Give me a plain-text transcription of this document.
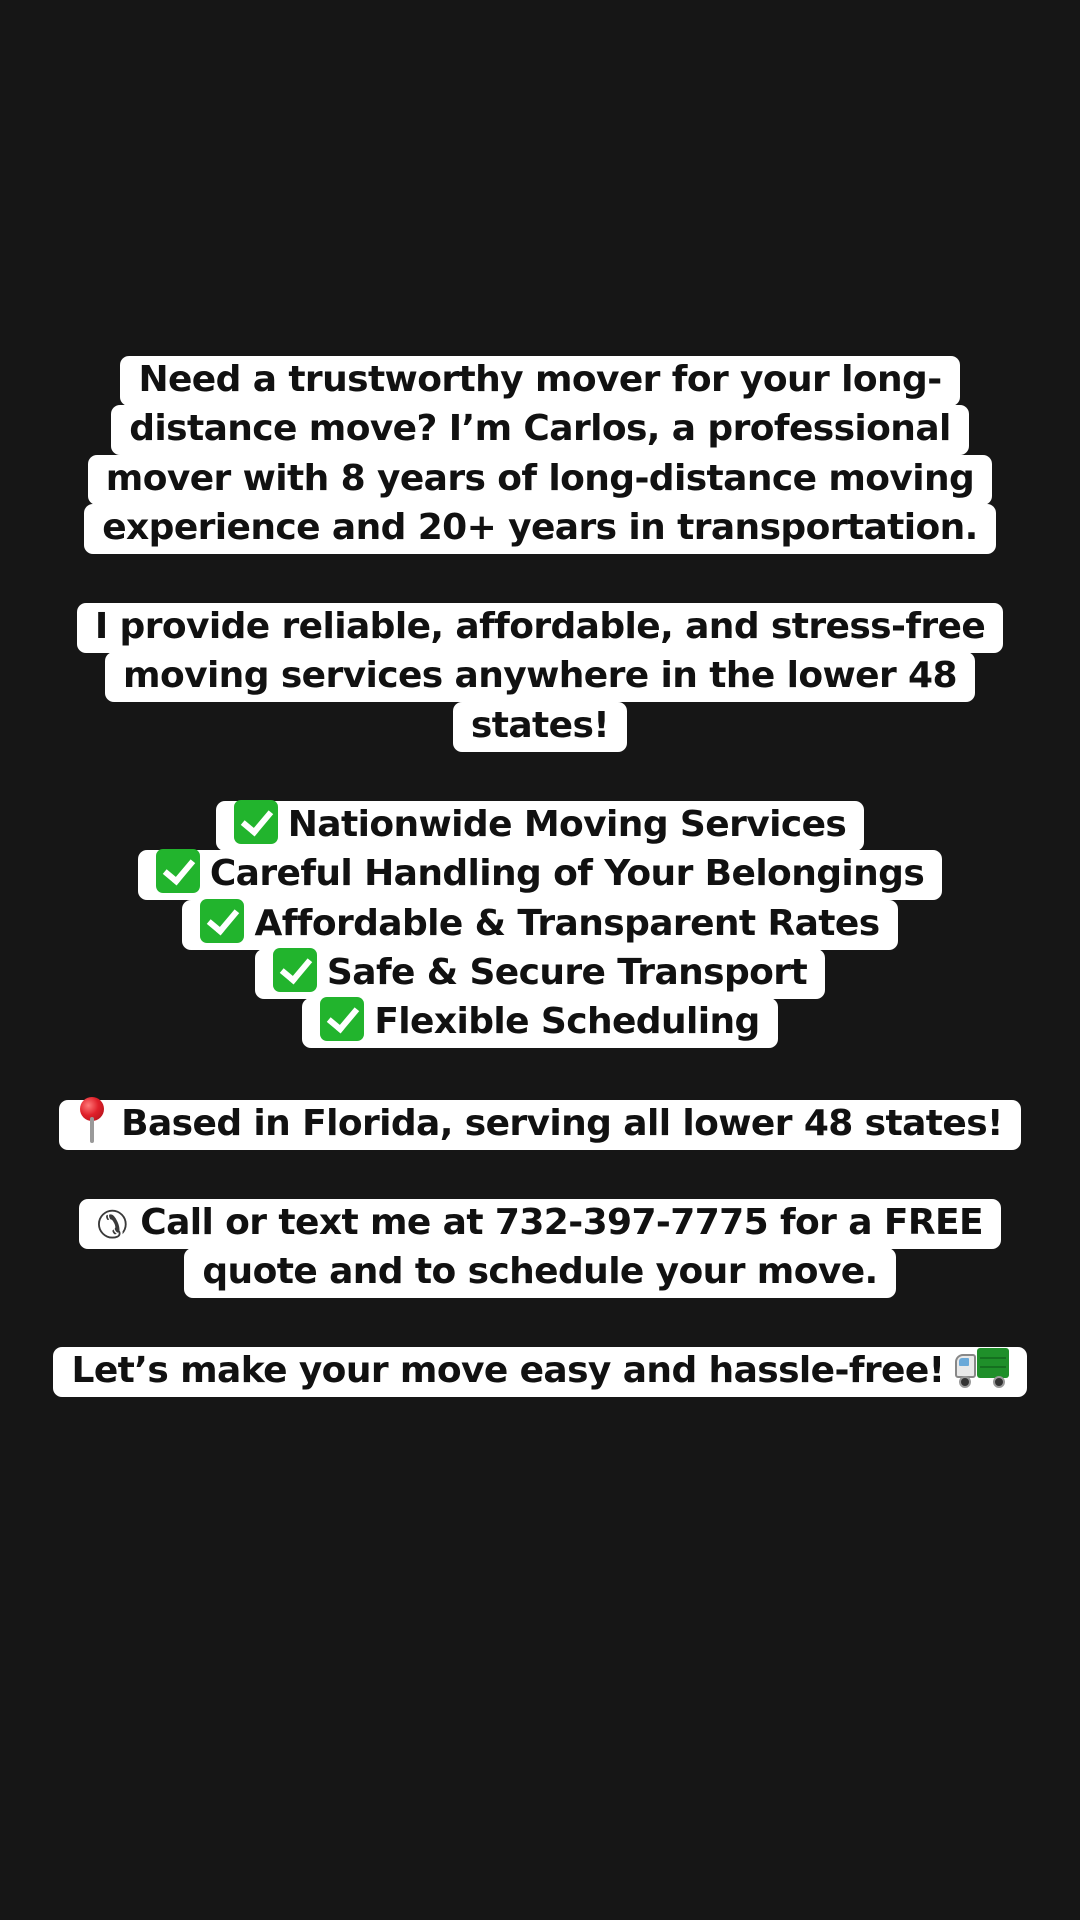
Need a trustworthy mover for your long-
distance move? I’m Carlos, a professional
mover with 8 years of long-distance moving
experience and 20+ years in transportation.
I provide reliable, affordable, and stress-free
moving services anywhere in the lower 48
states!
Nationwide Moving Services
Careful Handling of Your Belongings
Affordable & Transparent Rates
Safe & Secure Transport
Flexible Scheduling
Based in Florida, serving all lower 48 states!
✆ Call or text me at 732-397-7775 for a FREE
quote and to schedule your move.
Let’s make your move easy and hassle-free!
